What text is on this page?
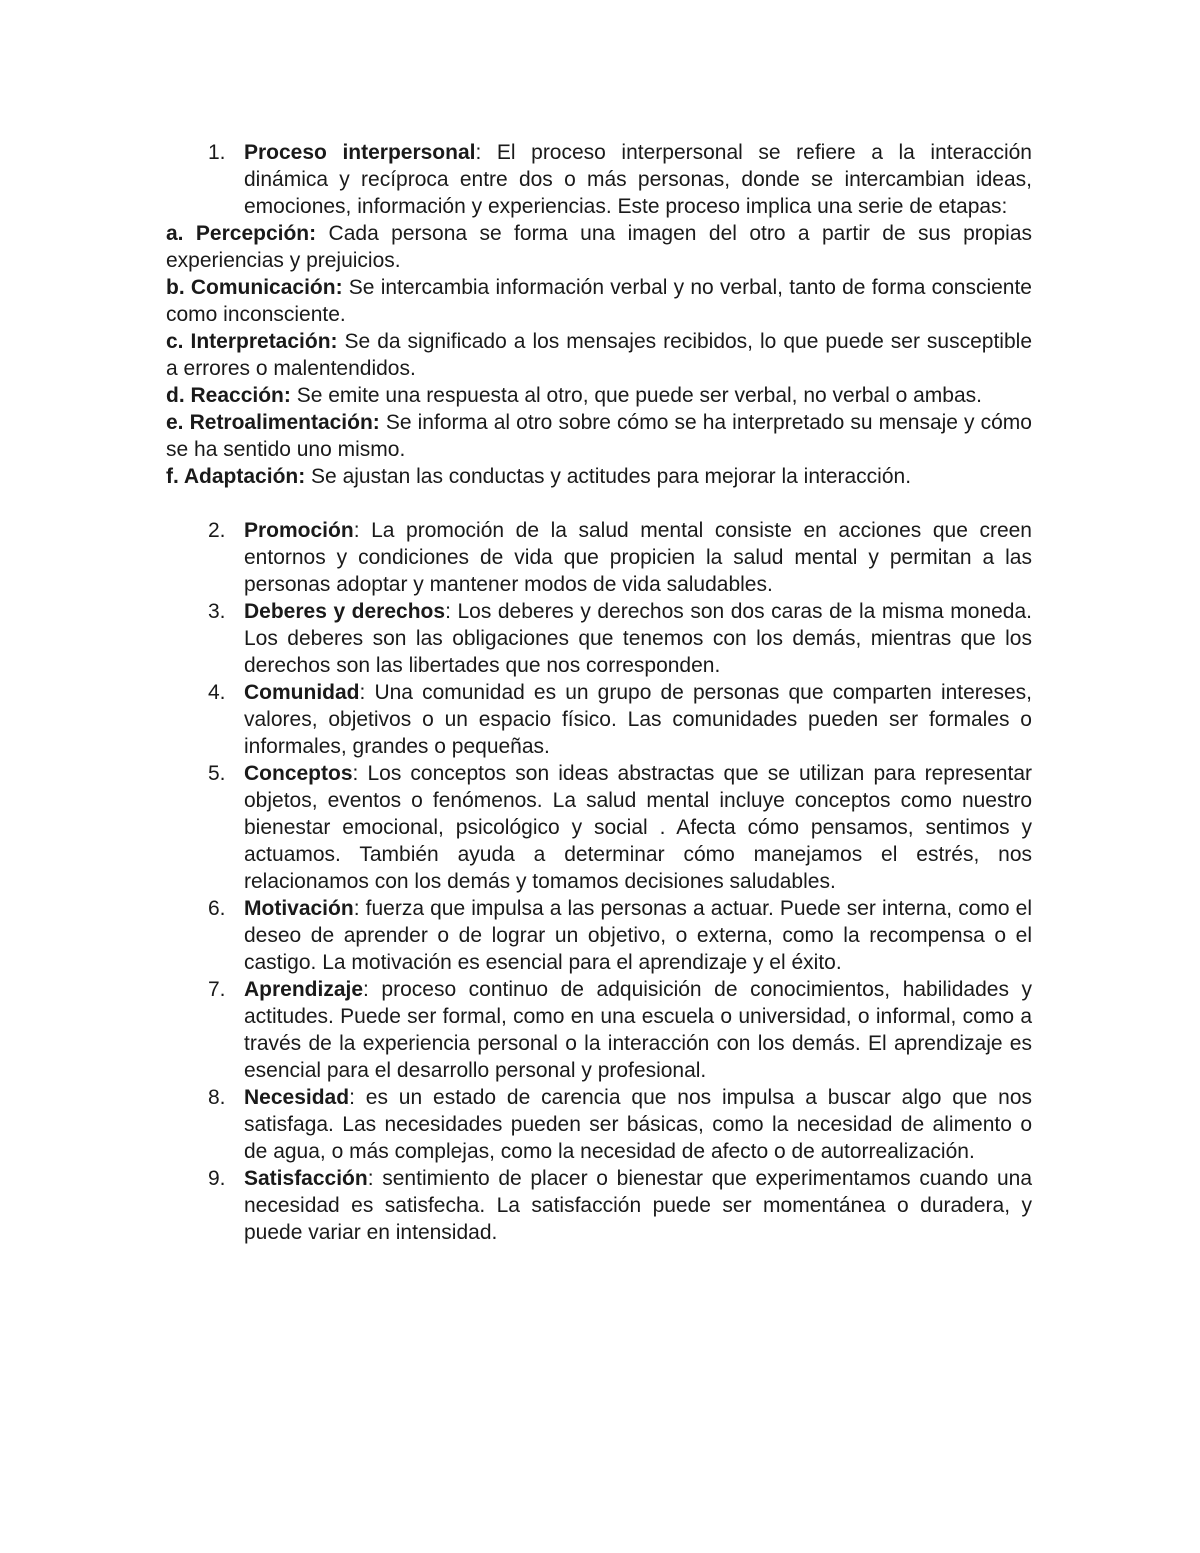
1. Proceso interpersonal: El proceso interpersonal se refiere a la interacción dinámica y recíproca entre dos o más personas, donde se intercambian ideas, emociones, información y experiencias. Este proceso implica una serie de etapas:
a. Percepción: Cada persona se forma una imagen del otro a partir de sus propias experiencias y prejuicios.
b. Comunicación: Se intercambia información verbal y no verbal, tanto de forma consciente como inconsciente.
c. Interpretación: Se da significado a los mensajes recibidos, lo que puede ser susceptible a errores o malentendidos.
d. Reacción: Se emite una respuesta al otro, que puede ser verbal, no verbal o ambas.
e. Retroalimentación: Se informa al otro sobre cómo se ha interpretado su mensaje y cómo se ha sentido uno mismo.
f. Adaptación: Se ajustan las conductas y actitudes para mejorar la interacción.
2. Promoción: La promoción de la salud mental consiste en acciones que creen entornos y condiciones de vida que propicien la salud mental y permitan a las personas adoptar y mantener modos de vida saludables.
3. Deberes y derechos: Los deberes y derechos son dos caras de la misma moneda. Los deberes son las obligaciones que tenemos con los demás, mientras que los derechos son las libertades que nos corresponden.
4. Comunidad: Una comunidad es un grupo de personas que comparten intereses, valores, objetivos o un espacio físico. Las comunidades pueden ser formales o informales, grandes o pequeñas.
5. Conceptos: Los conceptos son ideas abstractas que se utilizan para representar objetos, eventos o fenómenos. La salud mental incluye conceptos como nuestro bienestar emocional, psicológico y social . Afecta cómo pensamos, sentimos y actuamos. También ayuda a determinar cómo manejamos el estrés, nos relacionamos con los demás y tomamos decisiones saludables.
6. Motivación: fuerza que impulsa a las personas a actuar. Puede ser interna, como el deseo de aprender o de lograr un objetivo, o externa, como la recompensa o el castigo. La motivación es esencial para el aprendizaje y el éxito.
7. Aprendizaje: proceso continuo de adquisición de conocimientos, habilidades y actitudes. Puede ser formal, como en una escuela o universidad, o informal, como a través de la experiencia personal o la interacción con los demás. El aprendizaje es esencial para el desarrollo personal y profesional.
8. Necesidad: es un estado de carencia que nos impulsa a buscar algo que nos satisfaga. Las necesidades pueden ser básicas, como la necesidad de alimento o de agua, o más complejas, como la necesidad de afecto o de autorrealización.
9. Satisfacción: sentimiento de placer o bienestar que experimentamos cuando una necesidad es satisfecha. La satisfacción puede ser momentánea o duradera, y puede variar en intensidad.
